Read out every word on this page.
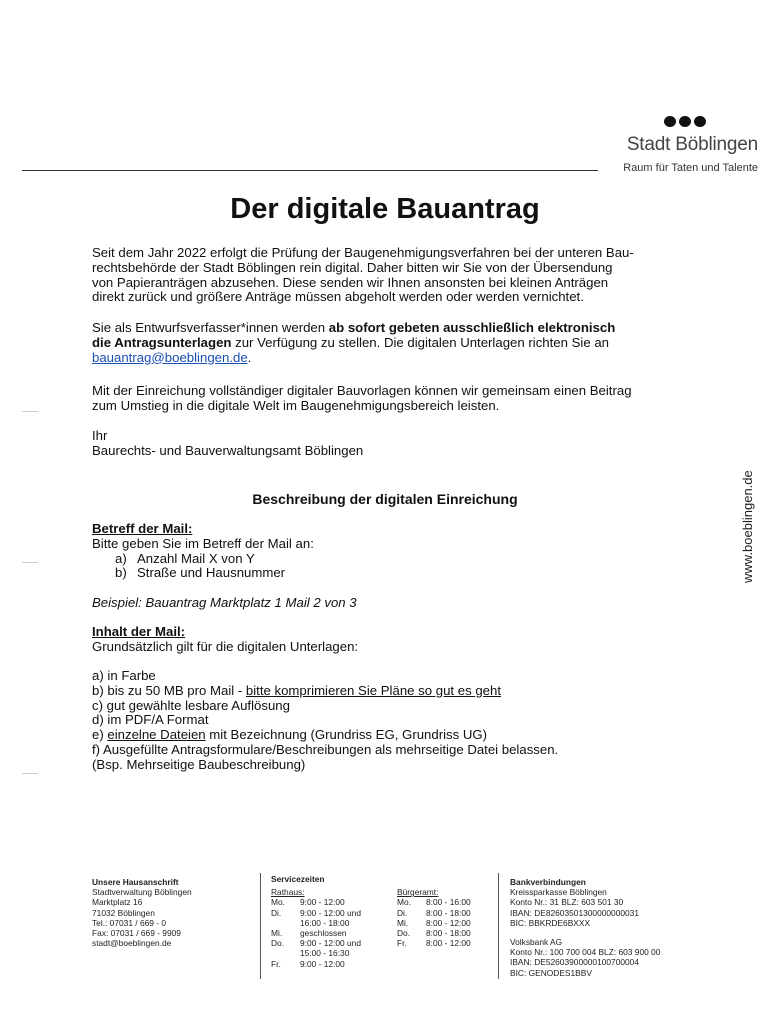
Stadt Böblingen
Raum für Taten und Talente
Der digitale Bauantrag

Seit dem Jahr 2022 erfolgt die Prüfung der Baugenehmigungsverfahren bei der unteren Bau-

rechtsbehörde der Stadt Böblingen rein digital. Daher bitten wir Sie von der Übersendung

von Papieranträgen abzusehen. Diese senden wir Ihnen ansonsten bei kleinen Anträgen

direkt zurück und größere Anträge müssen abgeholt werden oder werden vernichtet.

Sie als Entwurfsverfasser*innen werden ab sofort gebeten ausschließlich elektronisch

die Antragsunterlagen zur Verfügung zu stellen. Die digitalen Unterlagen richten Sie an

bauantrag@boeblingen.de.

Mit der Einreichung vollständiger digitaler Bauvorlagen können wir gemeinsam einen Beitrag

zum Umstieg in die digitale Welt im Baugenehmigungsbereich leisten.

Ihr

Baurechts- und Bauverwaltungsamt Böblingen

Beschreibung der digitalen Einreichung

Betreff der Mail:

Bitte geben Sie im Betreff der Mail an:

a) Anzahl Mail X von Y

b) Straße und Hausnummer

Beispiel: Bauantrag Marktplatz 1 Mail 2 von 3

Inhalt der Mail:

Grundsätzlich gilt für die digitalen Unterlagen:

a) in Farbe

b) bis zu 50 MB pro Mail - bitte komprimieren Sie Pläne so gut es geht

c) gut gewählte lesbare Auflösung

d) im PDF/A Format

e) einzelne Dateien mit Bezeichnung (Grundriss EG, Grundriss UG)

f) Ausgefüllte Antragsformulare/Beschreibungen als mehrseitige Datei belassen.

(Bsp. Mehrseitige Baubeschreibung)

www.boeblingen.de
Unsere Hausanschrift
Stadtverwaltung Böblingen
Marktplatz 16
71032 Böblingen
Tel.: 07031 / 669 - 0
Fax: 07031 / 669 - 9909
stadt@boeblingen.de
Servicezeiten
Rathaus:
Mo.	9:00 - 12:00
Di.	9:00 - 12:00 und
	16:00 - 18:00
Mi.	geschlossen
Do.	9:00 - 12:00 und
	15:00 - 16:30
Fr.	9:00 - 12:00
Bürgeramt:
Mo.	8:00 - 16:00
Di.	8:00 - 18:00
Mi.	8:00 - 12:00
Do.	8:00 - 18:00
Fr.	8:00 - 12:00
Bankverbindungen
Kreissparkasse Böblingen
Konto Nr.: 31 BLZ: 603 501 30
IBAN: DE82603501300000000031
BIC: BBKRDE6BXXX
Volksbank AG
Konto Nr.: 100 700 004 BLZ: 603 900 00
IBAN: DE52603900000100700004
BIC: GENODES1BBV
